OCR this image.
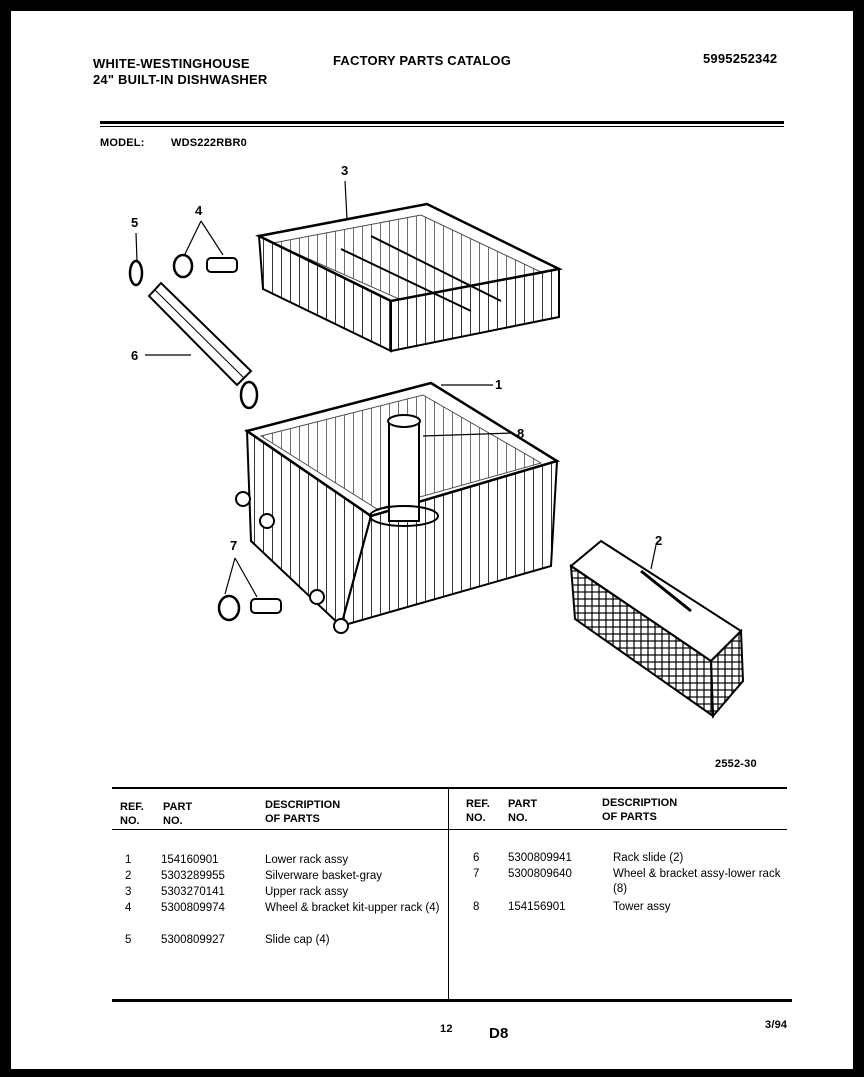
WHITE-WESTINGHOUSE
24" BUILT-IN DISHWASHER
FACTORY PARTS CATALOG	5995252342
MODEL: WDS222RBR0
3
5
4
6
1
8
2
7
2552-30
REF.
NO.
PART
NO.
DESCRIPTION
OF PARTS
REF.
NO.
PART
NO.
DESCRIPTION
OF PARTS
1	154160901	Lower rack assy
2	5303289955	Silverware basket-gray
3	5303270141	Upper rack assy
4	5300809974	Wheel & bracket kit-upper rack (4)
5	5300809927	Slide cap (4)
6 5300809941	Rack slide (2)
7 5300809640	Wheel & bracket assy-lower rack (8)
8 154156901	Tower assy
12 D8	3/94
